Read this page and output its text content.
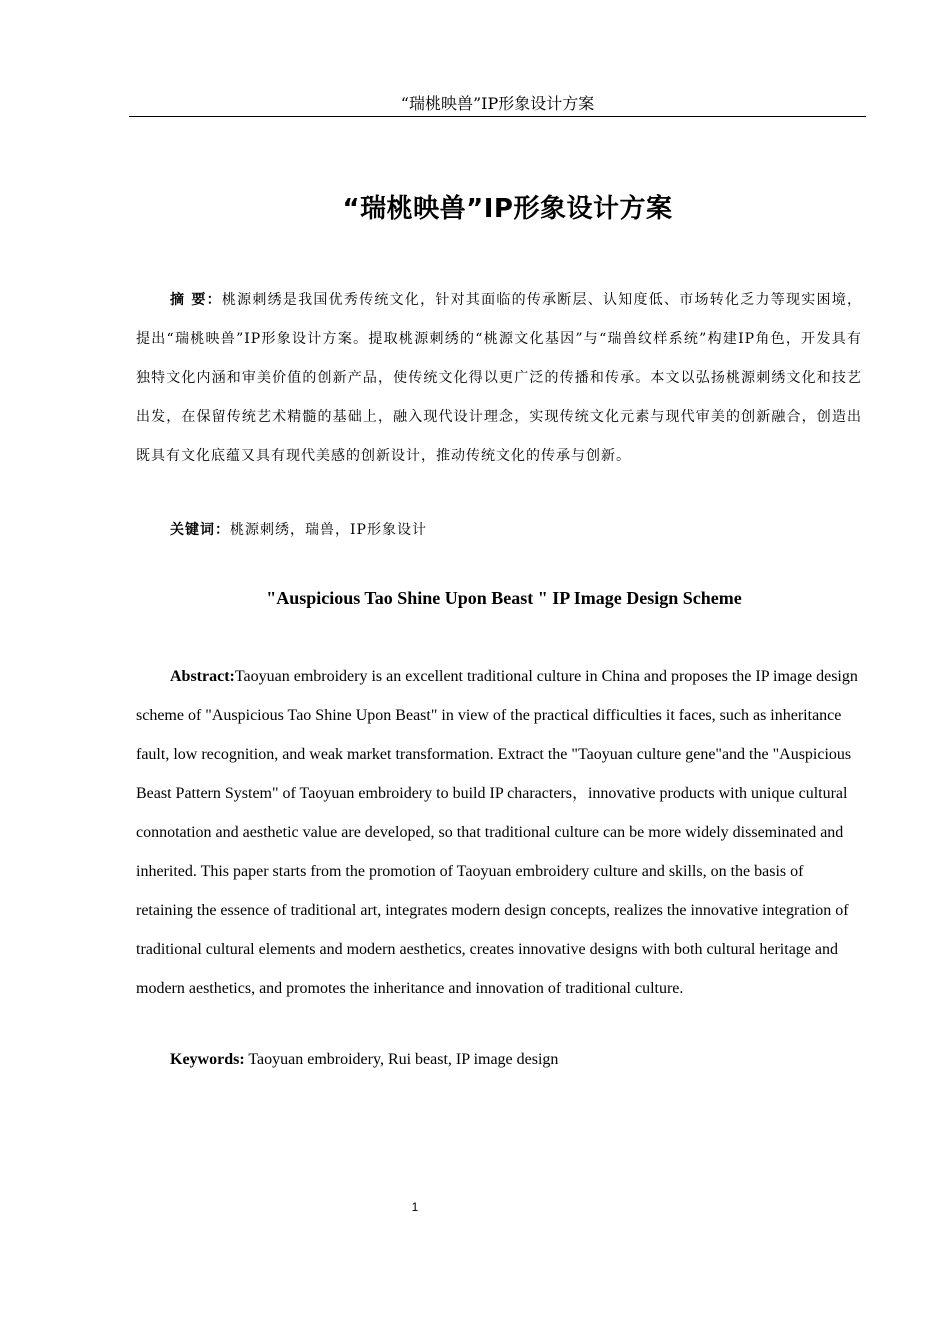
“瑞桃映兽”IP形象设计方案
“瑞桃映兽”IP形象设计方案
摘 要：桃源刺绣是我国优秀传统文化，针对其面临的传承断层、认知度低、市场转化乏力等现实困境，提出“瑞桃映兽”IP形象设计方案。提取桃源刺绣的“桃源文化基因”与“瑞兽纹样系统”构建IP角色，开发具有独特文化内涵和审美价值的创新产品，使传统文化得以更广泛的传播和传承。本文以弘扬桃源刺绣文化和技艺出发，在保留传统艺术精髓的基础上，融入现代设计理念，实现传统文化元素与现代审美的创新融合，创造出既具有文化底蕴又具有现代美感的创新设计，推动传统文化的传承与创新。
关键词：桃源刺绣，瑞兽，IP形象设计
"Auspicious Tao Shine Upon Beast " IP Image Design Scheme
Abstract:Taoyuan embroidery is an excellent traditional culture in China and proposes the IP image design scheme of "Auspicious Tao Shine Upon Beast" in view of the practical difficulties it faces, such as inheritance fault, low recognition, and weak market transformation. Extract the "Taoyuan culture gene"and the "Auspicious Beast Pattern System" of Taoyuan embroidery to build IP characters，innovative products with unique cultural connotation and aesthetic value are developed, so that traditional culture can be more widely disseminated and inherited. This paper starts from the promotion of Taoyuan embroidery culture and skills, on the basis of retaining the essence of traditional art, integrates modern design concepts, realizes the innovative integration of traditional cultural elements and modern aesthetics, creates innovative designs with both cultural heritage and modern aesthetics, and promotes the inheritance and innovation of traditional culture.
Keywords: Taoyuan embroidery, Rui beast, IP image design
1
